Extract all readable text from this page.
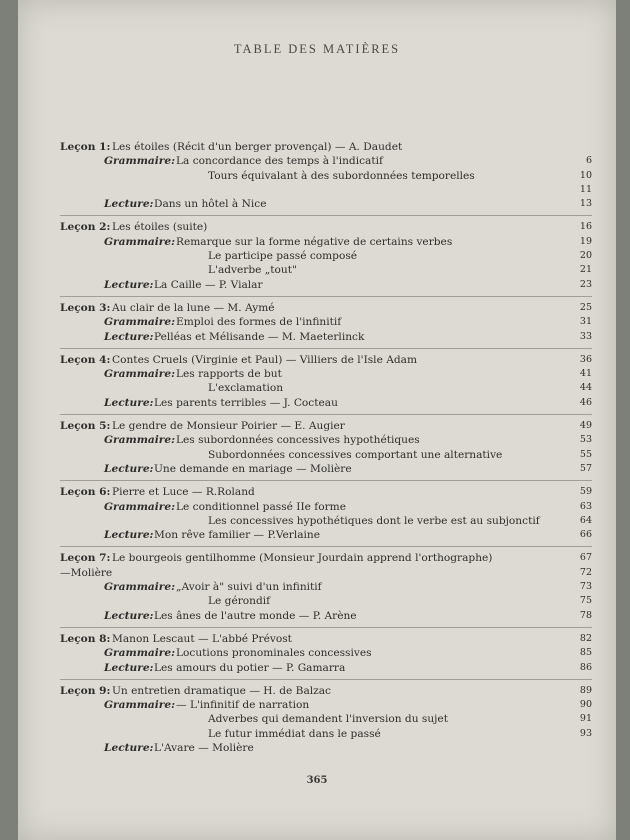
TABLE DES MATIÈRES
Leçon 1: Les étoiles (Récit d'un berger provençal) — A. Daudet
Grammaire: La concordance des temps à l'indicatif	6
Tours équivalant à des subordonnées temporelles	10
11
Lecture: Dans un hôtel à Nice	13
Leçon 2: Les étoiles (suite)	16
Grammaire: Remarque sur la forme négative de certains verbes	19
Le participe passé composé	20
L'adverbe „tout"	21
Lecture: La Caille — P. Vialar	23
Leçon 3: Au clair de la lune — M. Aymé	25
Grammaire: Emploi des formes de l'infinitif	31
Lecture: Pelléas et Mélisande — M. Maeterlinck	33
Leçon 4: Contes Cruels (Virginie et Paul) — Villiers de l'Isle Adam	36
Grammaire: Les rapports de but	41
L'exclamation	44
Lecture: Les parents terribles — J. Cocteau	46
Leçon 5: Le gendre de Monsieur Poirier — E. Augier	49
Grammaire: Les subordonnées concessives hypothétiques	53
Subordonnées concessives comportant une alternative	55
Lecture: Une demande en mariage — Molière	57
Leçon 6: Pierre et Luce — R.Roland	59
Grammaire: Le conditionnel passé IIe forme	63
Les concessives hypothétiques dont le verbe est au subjonctif	64
Lecture: Mon rêve familier — P.Verlaine	66
Leçon 7: Le bourgeois gentilhomme (Monsieur Jourdain apprend l'orthographe)	67
—Molière	72
Grammaire: „Avoir à" suivi d'un infinitif	73
Le gérondif	75
Lecture: Les ânes de l'autre monde — P. Arène	78
Leçon 8: Manon Lescaut — L'abbé Prévost	82
Grammaire: Locutions pronominales concessives	85
Lecture: Les amours du potier — P. Gamarra	86
Leçon 9: Un entretien dramatique — H. de Balzac	89
Grammaire: — L'infinitif de narration	90
Adverbes qui demandent l'inversion du sujet	91
Le futur immédiat dans le passé	93
Lecture: L'Avare — Molière
365
